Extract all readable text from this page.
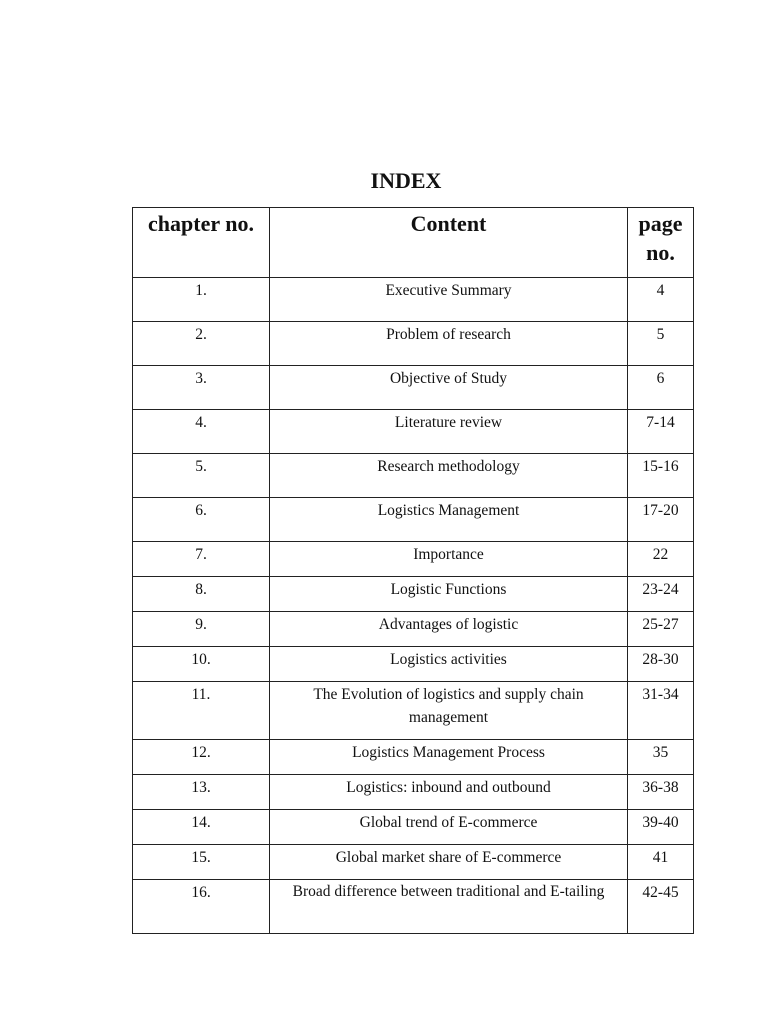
INDEX
chapter no.	Content	page no.
1.	Executive Summary	4
2.	Problem of research	5
3.	Objective of Study	6
4.	Literature review	7-14
5.	Research methodology	15-16
6.	Logistics Management	17-20
7.	Importance	22
8.	Logistic Functions	23-24
9.	Advantages of logistic	25-27
10.	Logistics activities	28-30
11.	The Evolution of logistics and supply chain management	31-34
12.	Logistics Management Process	35
13.	Logistics: inbound and outbound	36-38
14.	Global trend of E-commerce	39-40
15.	Global market share of E-commerce	41
16.	Broad difference between traditional and E-tailing	42-45
